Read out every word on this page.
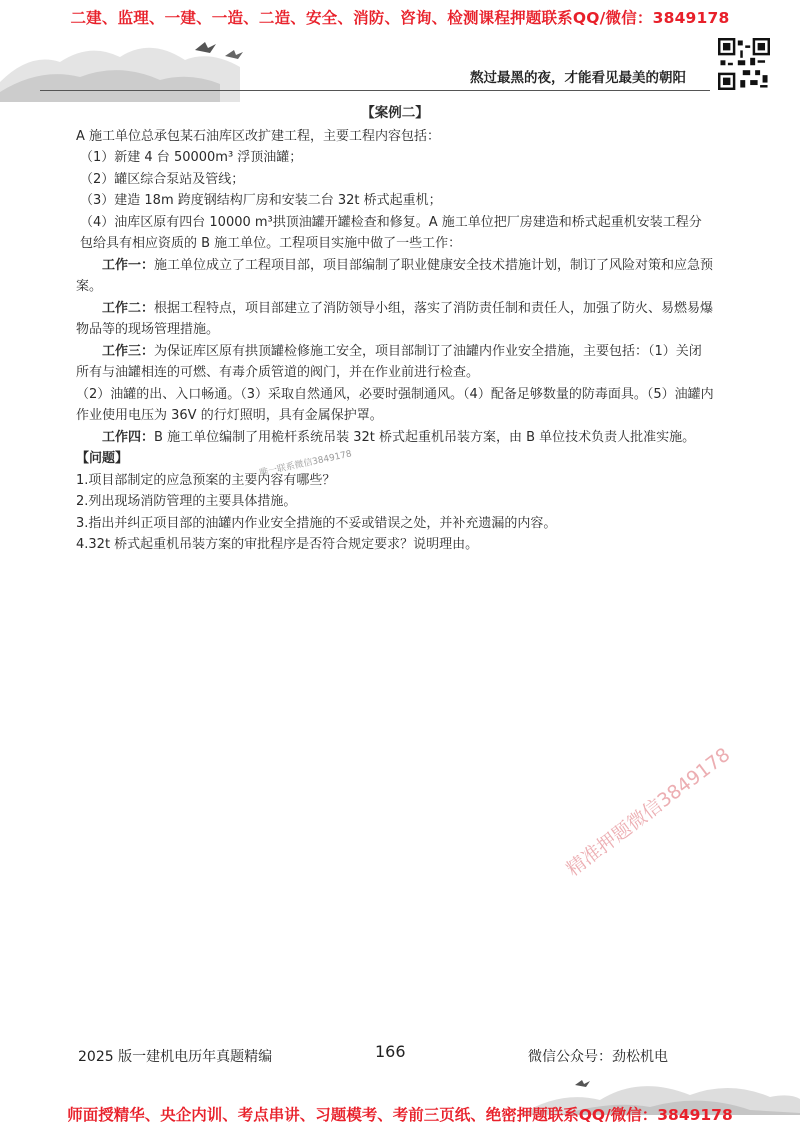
二建、监理、一建、一造、二造、安全、消防、咨询、检测课程押题联系QQ/微信：3849178
熬过最黑的夜，才能看见最美的朝阳

【案例二】

A 施工单位总承包某石油库区改扩建工程，主要工程内容包括：

（1）新建 4 台 50000m³ 浮顶油罐；

（2）罐区综合泵站及管线；

（3）建造 18m 跨度钢结构厂房和安装二台 32t 桥式起重机；

（4）油库区原有四台 10000 m³拱顶油罐开罐检查和修复。A 施工单位把厂房建造和桥式起重机安装工程分包给具有相应资质的 B 施工单位。工程项目实施中做了一些工作：

工作一：施工单位成立了工程项目部，项目部编制了职业健康安全技术措施计划，制订了风险对策和应急预案。

工作二：根据工程特点，项目部建立了消防领导小组，落实了消防责任制和责任人，加强了防火、易燃易爆物品等的现场管理措施。

工作三：为保证库区原有拱顶罐检修施工安全，项目部制订了油罐内作业安全措施，主要包括：（1）关闭所有与油罐相连的可燃、有毒介质管道的阀门，并在作业前进行检查。

（2）油罐的出、入口畅通。（3）采取自然通风，必要时强制通风。（4）配备足够数量的防毒面具。（5）油罐内作业使用电压为 36V 的行灯照明，具有金属保护罩。

工作四：B 施工单位编制了用桅杆系统吊装 32t 桥式起重机吊装方案，由 B 单位技术负责人批准实施。

【问题】

1.项目部制定的应急预案的主要内容有哪些？

2.列出现场消防管理的主要具体措施。

3.指出并纠正项目部的油罐内作业安全措施的不妥或错误之处，并补充遗漏的内容。

4.32t 桥式起重机吊装方案的审批程序是否符合规定要求？说明理由。

唯一联系微信3849178
精准押题微信3849178
2025 版一建机电历年真题精编	166	微信公众号：劲松机电
师面授精华、央企内训、考点串讲、习题模考、考前三页纸、绝密押题联系QQ/微信：3849178
